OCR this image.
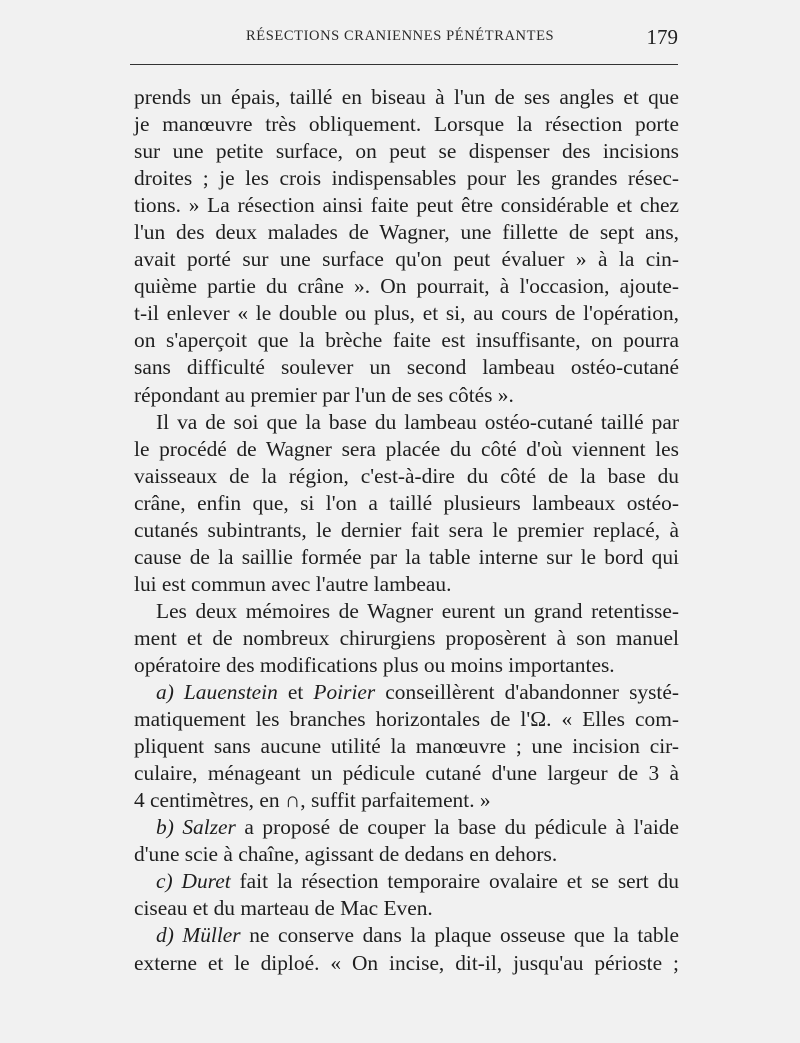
RÉSECTIONS CRANIENNES PÉNÉTRANTES	179
prends un épais, taillé en biseau à l'un de ses angles et que
je manœuvre très obliquement. Lorsque la résection porte
sur une petite surface, on peut se dispenser des incisions
droites ; je les crois indispensables pour les grandes résec-
tions. » La résection ainsi faite peut être considérable et chez
l'un des deux malades de Wagner, une fillette de sept ans,
avait porté sur une surface qu'on peut évaluer » à la cin-
quième partie du crâne ». On pourrait, à l'occasion, ajoute-
t-il enlever « le double ou plus, et si, au cours de l'opération,
on s'aperçoit que la brèche faite est insuffisante, on pourra
sans difficulté soulever un second lambeau ostéo-cutané
répondant au premier par l'un de ses côtés ».
Il va de soi que la base du lambeau ostéo-cutané taillé par
le procédé de Wagner sera placée du côté d'où viennent les
vaisseaux de la région, c'est-à-dire du côté de la base du
crâne, enfin que, si l'on a taillé plusieurs lambeaux ostéo-
cutanés subintrants, le dernier fait sera le premier replacé, à
cause de la saillie formée par la table interne sur le bord qui
lui est commun avec l'autre lambeau.
Les deux mémoires de Wagner eurent un grand retentisse-
ment et de nombreux chirurgiens proposèrent à son manuel
opératoire des modifications plus ou moins importantes.
a) Lauenstein et Poirier conseillèrent d'abandonner systé-
matiquement les branches horizontales de l'Ω. « Elles com-
pliquent sans aucune utilité la manœuvre ; une incision cir-
culaire, ménageant un pédicule cutané d'une largeur de 3 à
4 centimètres, en ∩, suffit parfaitement. »
b) Salzer a proposé de couper la base du pédicule à l'aide
d'une scie à chaîne, agissant de dedans en dehors.
c) Duret fait la résection temporaire ovalaire et se sert du
ciseau et du marteau de Mac Even.
d) Müller ne conserve dans la plaque osseuse que la table
externe et le diploé. « On incise, dit-il, jusqu'au périoste ;
